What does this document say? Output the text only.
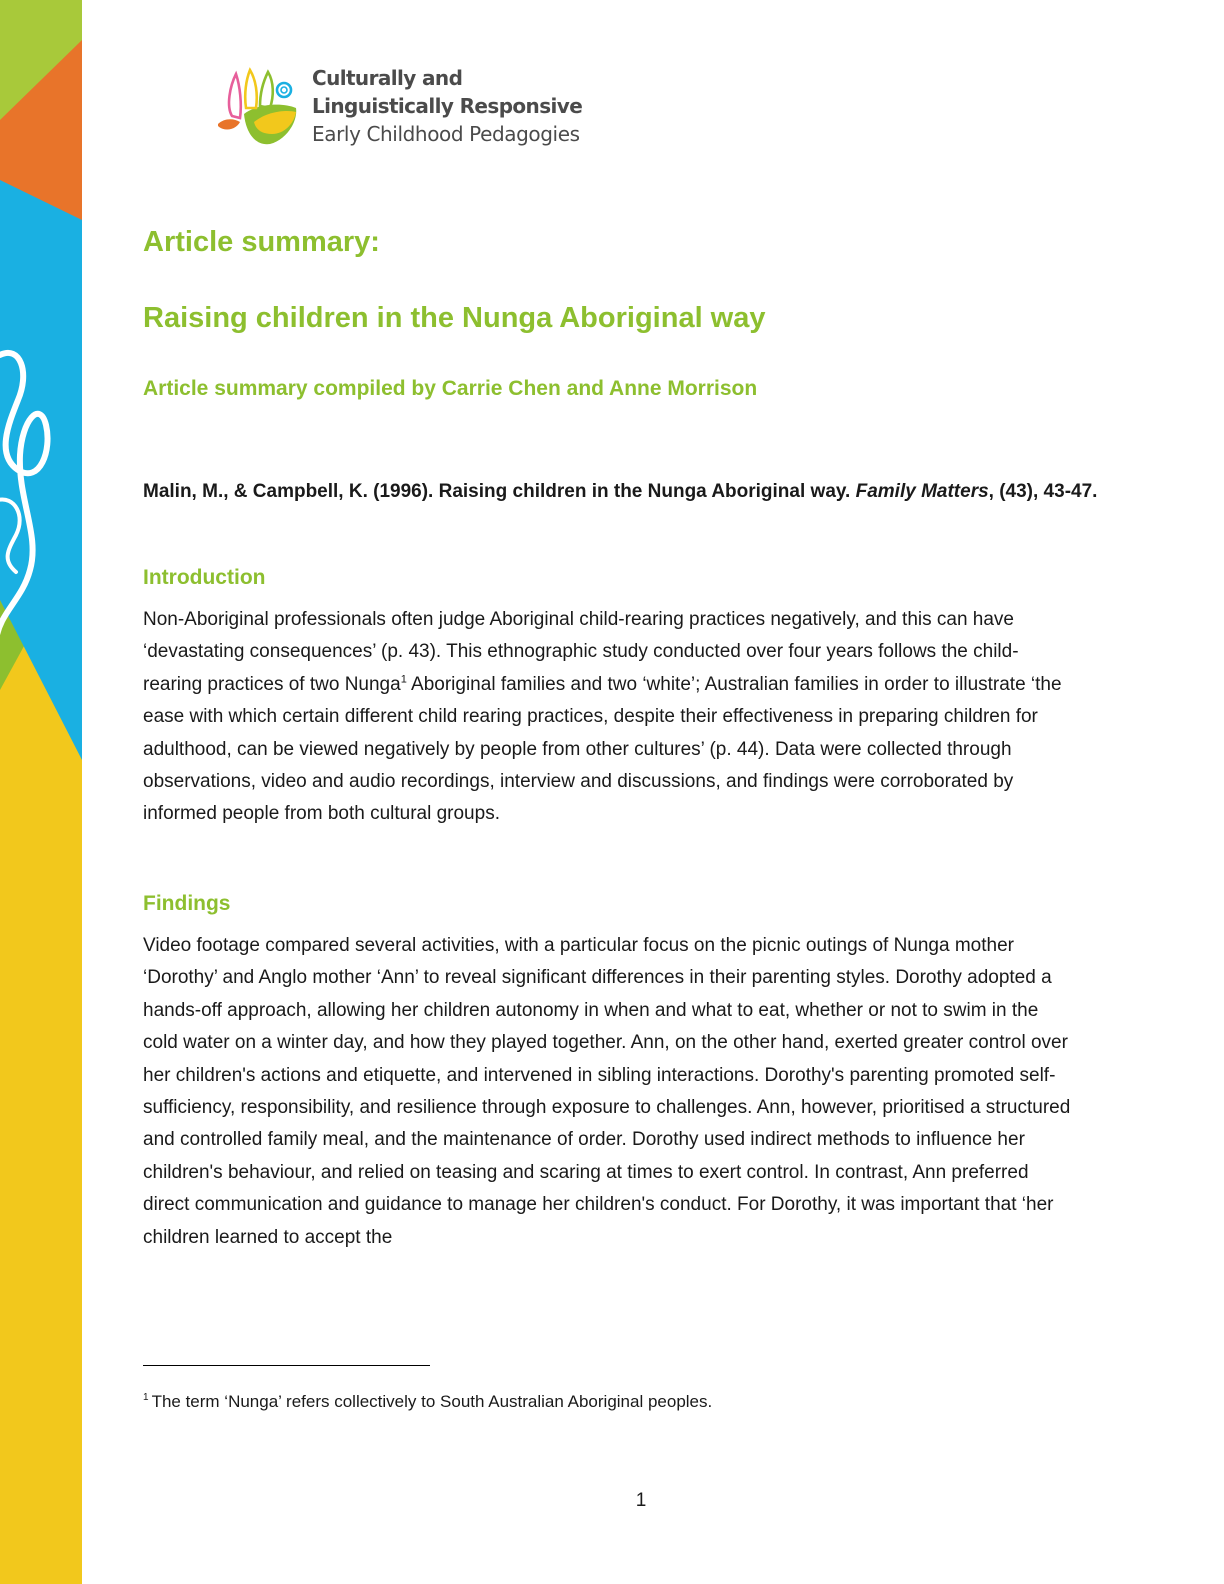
Culturally and
Linguistically Responsive
Early Childhood Pedagogies
Article summary:
Raising children in the Nunga Aboriginal way

Article summary compiled by Carrie Chen and Anne Morrison

Malin, M., & Campbell, K. (1996). Raising children in the Nunga Aboriginal way. Family Matters, (43), 43-47.

Introduction

Non-Aboriginal professionals often judge Aboriginal child-rearing practices negatively, and this can have ‘devastating consequences’ (p. 43). This ethnographic study conducted over four years follows the child-rearing practices of two Nunga$^1$ Aboriginal families and two ‘white’; Australian families in order to illustrate ‘the ease with which certain different child rearing practices, despite their effectiveness in preparing children for adulthood, can be viewed negatively by people from other cultures’ (p. 44). Data were collected through observations, video and audio recordings, interview and discussions, and findings were corroborated by informed people from both cultural groups.

Findings

Video footage compared several activities, with a particular focus on the picnic outings of Nunga mother ‘Dorothy’ and Anglo mother ‘Ann’ to reveal significant differences in their parenting styles. Dorothy adopted a hands-off approach, allowing her children autonomy in when and what to eat, whether or not to swim in the cold water on a winter day, and how they played together. Ann, on the other hand, exerted greater control over her children's actions and etiquette, and intervened in sibling interactions. Dorothy's parenting promoted self-sufficiency, responsibility, and resilience through exposure to challenges. Ann, however, prioritised a structured and controlled family meal, and the maintenance of order. Dorothy used indirect methods to influence her children's behaviour, and relied on teasing and scaring at times to exert control. In contrast, Ann preferred direct communication and guidance to manage her children's conduct. For Dorothy, it was important that ‘her children learned to accept the

$^1$ The term ‘Nunga’ refers collectively to South Australian Aboriginal peoples.

1
